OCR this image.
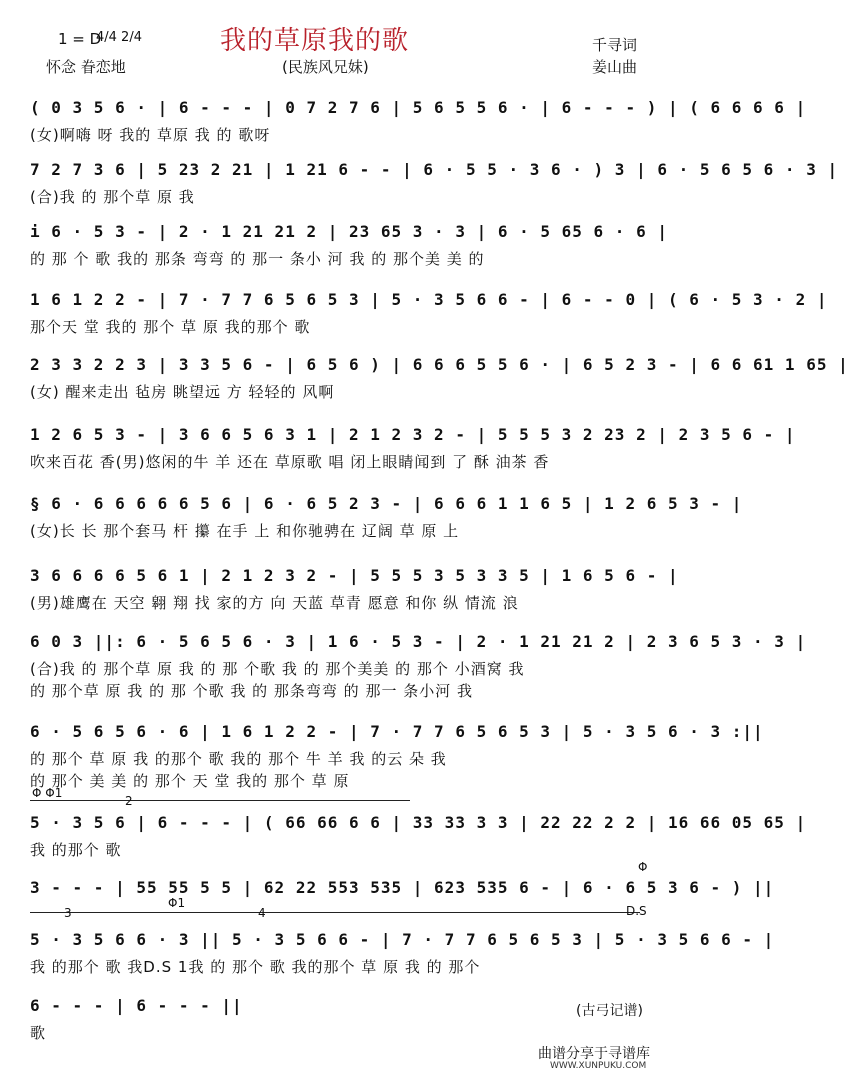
我的草原我的歌
1 = D
4/4 2/4
怀念 眷恋地	(民族风兄妹)
千寻词
姜山曲
( 0 3 5 6 · | 6 - - - | 0 7 2 7 6 | 5 6 5 5 6 · | 6 - - - ) | ( 6 6 6 6 |
(女)啊嗨 呀 我的 草原 我 的 歌呀
7 2 7 3 6 | 5 23 2 21 | 1 21 6 - - | 6 · 5 5 · 3 6 · ) 3 | 6 · 5 6 5 6 · 3 |
(合)我 的 那个草 原 我
i 6 · 5 3 - | 2 · 1 21 21 2 | 23 65 3 · 3 | 6 · 5 65 6 · 6 |
的 那 个 歌 我的 那条 弯弯 的 那一 条小 河 我 的 那个美 美 的
1 6 1 2 2 - | 7 · 7 7 6 5 6 5 3 | 5 · 3 5 6 6 - | 6 - - 0 | ( 6 · 5 3 · 2 |
那个天 堂 我的 那个 草 原 我的那个 歌
2 3 3 2 2 3 | 3 3 5 6 - | 6 5 6 ) | 6 6 6 5 5 6 · | 6 5 2 3 - | 6 6 61 1 65 |
(女) 醒来走出 毡房 眺望远 方 轻轻的 风啊
1 2 6 5 3 - | 3 6 6 5 6 3 1 | 2 1 2 3 2 - | 5 5 5 3 2 23 2 | 2 3 5 6 - |
吹来百花 香(男)悠闲的牛 羊 还在 草原歌 唱 闭上眼睛闻到 了 酥 油茶 香
§ 6 · 6 6 6 6 6 5 6 | 6 · 6 5 2 3 - | 6 6 6 1 1 6 5 | 1 2 6 5 3 - |
(女)长 长 那个套马 杆 攥 在手 上 和你驰骋在 辽阔 草 原 上
3 6 6 6 6 5 6 1 | 2 1 2 3 2 - | 5 5 5 3 5 3 3 5 | 1 6 5 6 - |
(男)雄鹰在 天空 翱 翔 找 家的方 向 天蓝 草青 愿意 和你 纵 情流 浪
6 0 3 ||: 6 · 5 6 5 6 · 3 | 1 6 · 5 3 - | 2 · 1 21 21 2 | 2 3 6 5 3 · 3 |
(合)我 的 那个草 原 我 的 那 个歌 我 的 那个美美 的 那个 小酒窝 我
的 那个草 原 我 的 那 个歌 我 的 那条弯弯 的 那一 条小河 我
6 · 5 6 5 6 · 6 | 1 6 1 2 2 - | 7 · 7 7 6 5 6 5 3 | 5 · 3 5 6 · 3 :||
的 那个 草 原 我 的那个 歌 我的 那个 牛 羊 我 的云 朵 我
的 那个 美 美 的 那个 天 堂 我的 那个 草 原
5 · 3 5 6 | 6 - - - | ( 66 66 6 6 | 33 33 3 3 | 22 22 2 2 | 16 66 05 65 |
我 的那个 歌
3 - - - | 55 55 5 5 | 62 22 553 535 | 623 535 6 - | 6 · 6 5 3 6 - ) ||
5 · 3 5 6 6 · 3 || 5 · 3 5 6 6 - | 7 · 7 7 6 5 6 5 3 | 5 · 3 5 6 6 - |
我 的那个 歌 我D.S 1我 的 那个 歌 我的那个 草 原 我 的 那个
6 - - - | 6 - - - ||
歌
Φ Φ1
2
3
Φ1
4
Φ
D.S
(古弓记谱)
曲谱分享于寻谱库
WWW.XUNPUKU.COM
